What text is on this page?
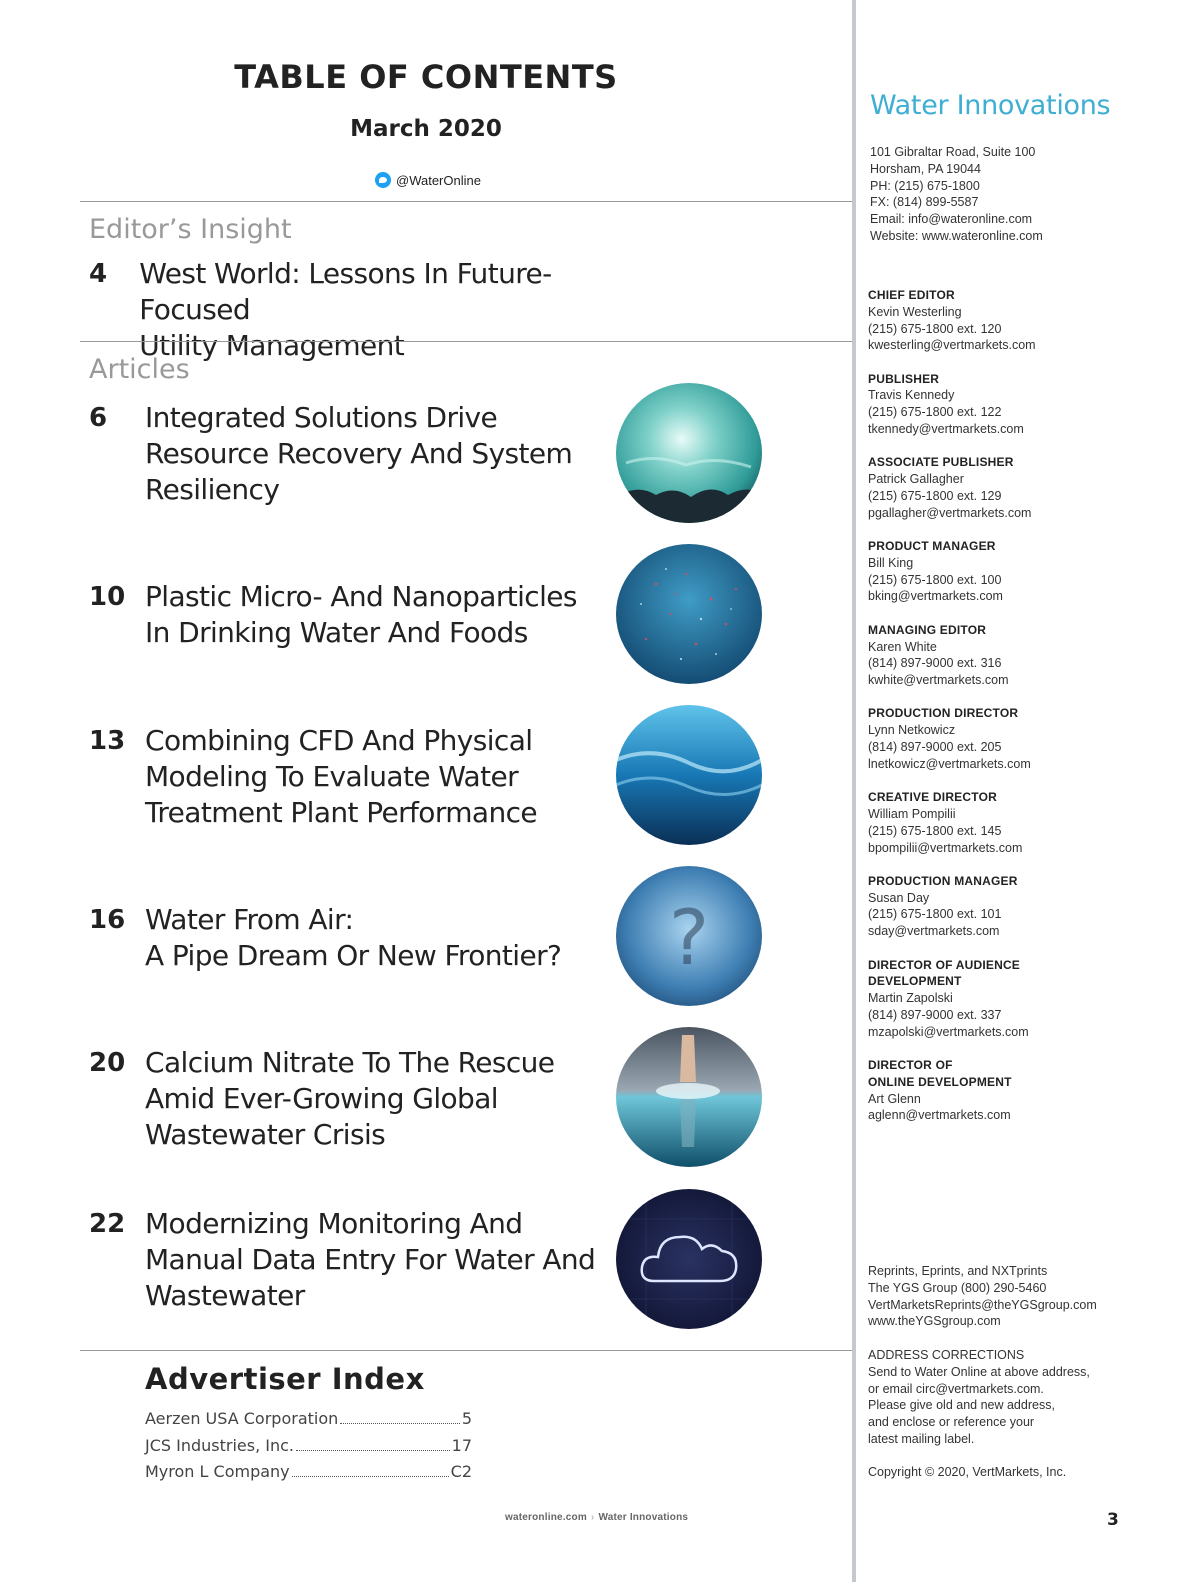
TABLE OF CONTENTS
March 2020
@WaterOnline
Editor’s Insight
4	West World: Lessons In Future-Focused
Utility Management
Articles
6	Integrated Solutions Drive
Resource Recovery And System
Resiliency
10 Plastic Micro- And Nanoparticles
In Drinking Water And Foods
13 Combining CFD And Physical
Modeling To Evaluate Water
Treatment Plant Performance
16 Water From Air:
A Pipe Dream Or New Frontier? ?
20 Calcium Nitrate To The Rescue
Amid Ever-Growing Global
Wastewater Crisis
22 Modernizing Monitoring And
Manual Data Entry For Water And
Wastewater
Advertiser Index
Aerzen USA Corporation	5
JCS Industries, Inc.	17
Myron L Company	C2
wateronline.com › Water Innovations
Water Innovations
101 Gibraltar Road, Suite 100
Horsham, PA 19044
PH: (215) 675-1800
FX: (814) 899-5587
Email: info@wateronline.com
Website: www.wateronline.com
CHIEF EDITOR
Kevin Westerling
(215) 675-1800 ext. 120
kwesterling@vertmarkets.com
PUBLISHER
Travis Kennedy
(215) 675-1800 ext. 122
tkennedy@vertmarkets.com
ASSOCIATE PUBLISHER
Patrick Gallagher
(215) 675-1800 ext. 129
pgallagher@vertmarkets.com
PRODUCT MANAGER
Bill King
(215) 675-1800 ext. 100
bking@vertmarkets.com
MANAGING EDITOR
Karen White
(814) 897-9000 ext. 316
kwhite@vertmarkets.com
PRODUCTION DIRECTOR
Lynn Netkowicz
(814) 897-9000 ext. 205
lnetkowicz@vertmarkets.com
CREATIVE DIRECTOR
William Pompilii
(215) 675-1800 ext. 145
bpompilii@vertmarkets.com
PRODUCTION MANAGER
Susan Day
(215) 675-1800 ext. 101
sday@vertmarkets.com
DIRECTOR OF AUDIENCE
DEVELOPMENT
Martin Zapolski
(814) 897-9000 ext. 337
mzapolski@vertmarkets.com
DIRECTOR OF
ONLINE DEVELOPMENT
Art Glenn
aglenn@vertmarkets.com
Reprints, Eprints, and NXTprints
The YGS Group (800) 290-5460
VertMarketsReprints@theYGSgroup.com
www.theYGSgroup.com
ADDRESS CORRECTIONS
Send to Water Online at above address,
or email circ@vertmarkets.com.
Please give old and new address,
and enclose or reference your
latest mailing label.
Copyright © 2020, VertMarkets, Inc.
3
